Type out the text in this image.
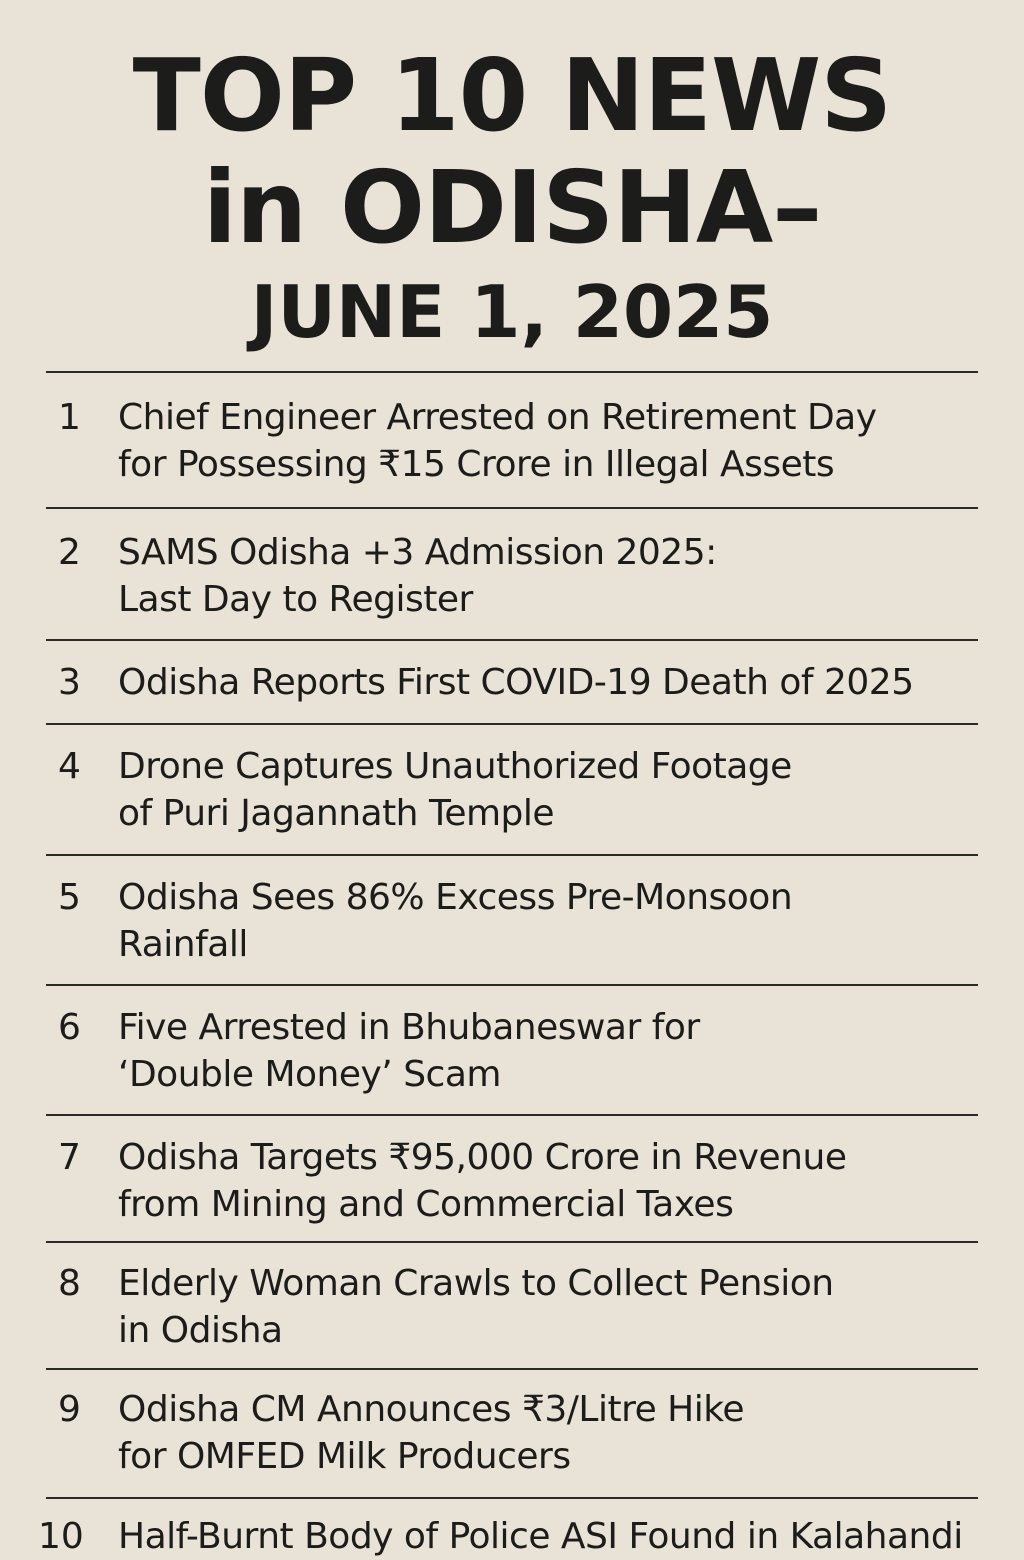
TOP 10 NEWS
in ODISHA–
JUNE 1, 2025
1 Chief Engineer Arrested on Retirement Day
for Possessing ₹15 Crore in Illegal Assets
2 SAMS Odisha +3 Admission 2025:
Last Day to Register
3 Odisha Reports First COVID-19 Death of 2025
4 Drone Captures Unauthorized Footage
of Puri Jagannath Temple
5 Odisha Sees 86% Excess Pre-Monsoon
Rainfall
6 Five Arrested in Bhubaneswar for
‘Double Money’ Scam
7 Odisha Targets ₹95,000 Crore in Revenue
from Mining and Commercial Taxes
8 Elderly Woman Crawls to Collect Pension
in Odisha
9 Odisha CM Announces ₹3/Litre Hike
for OMFED Milk Producers
10 Half-Burnt Body of Police ASI Found in Kalahandi
